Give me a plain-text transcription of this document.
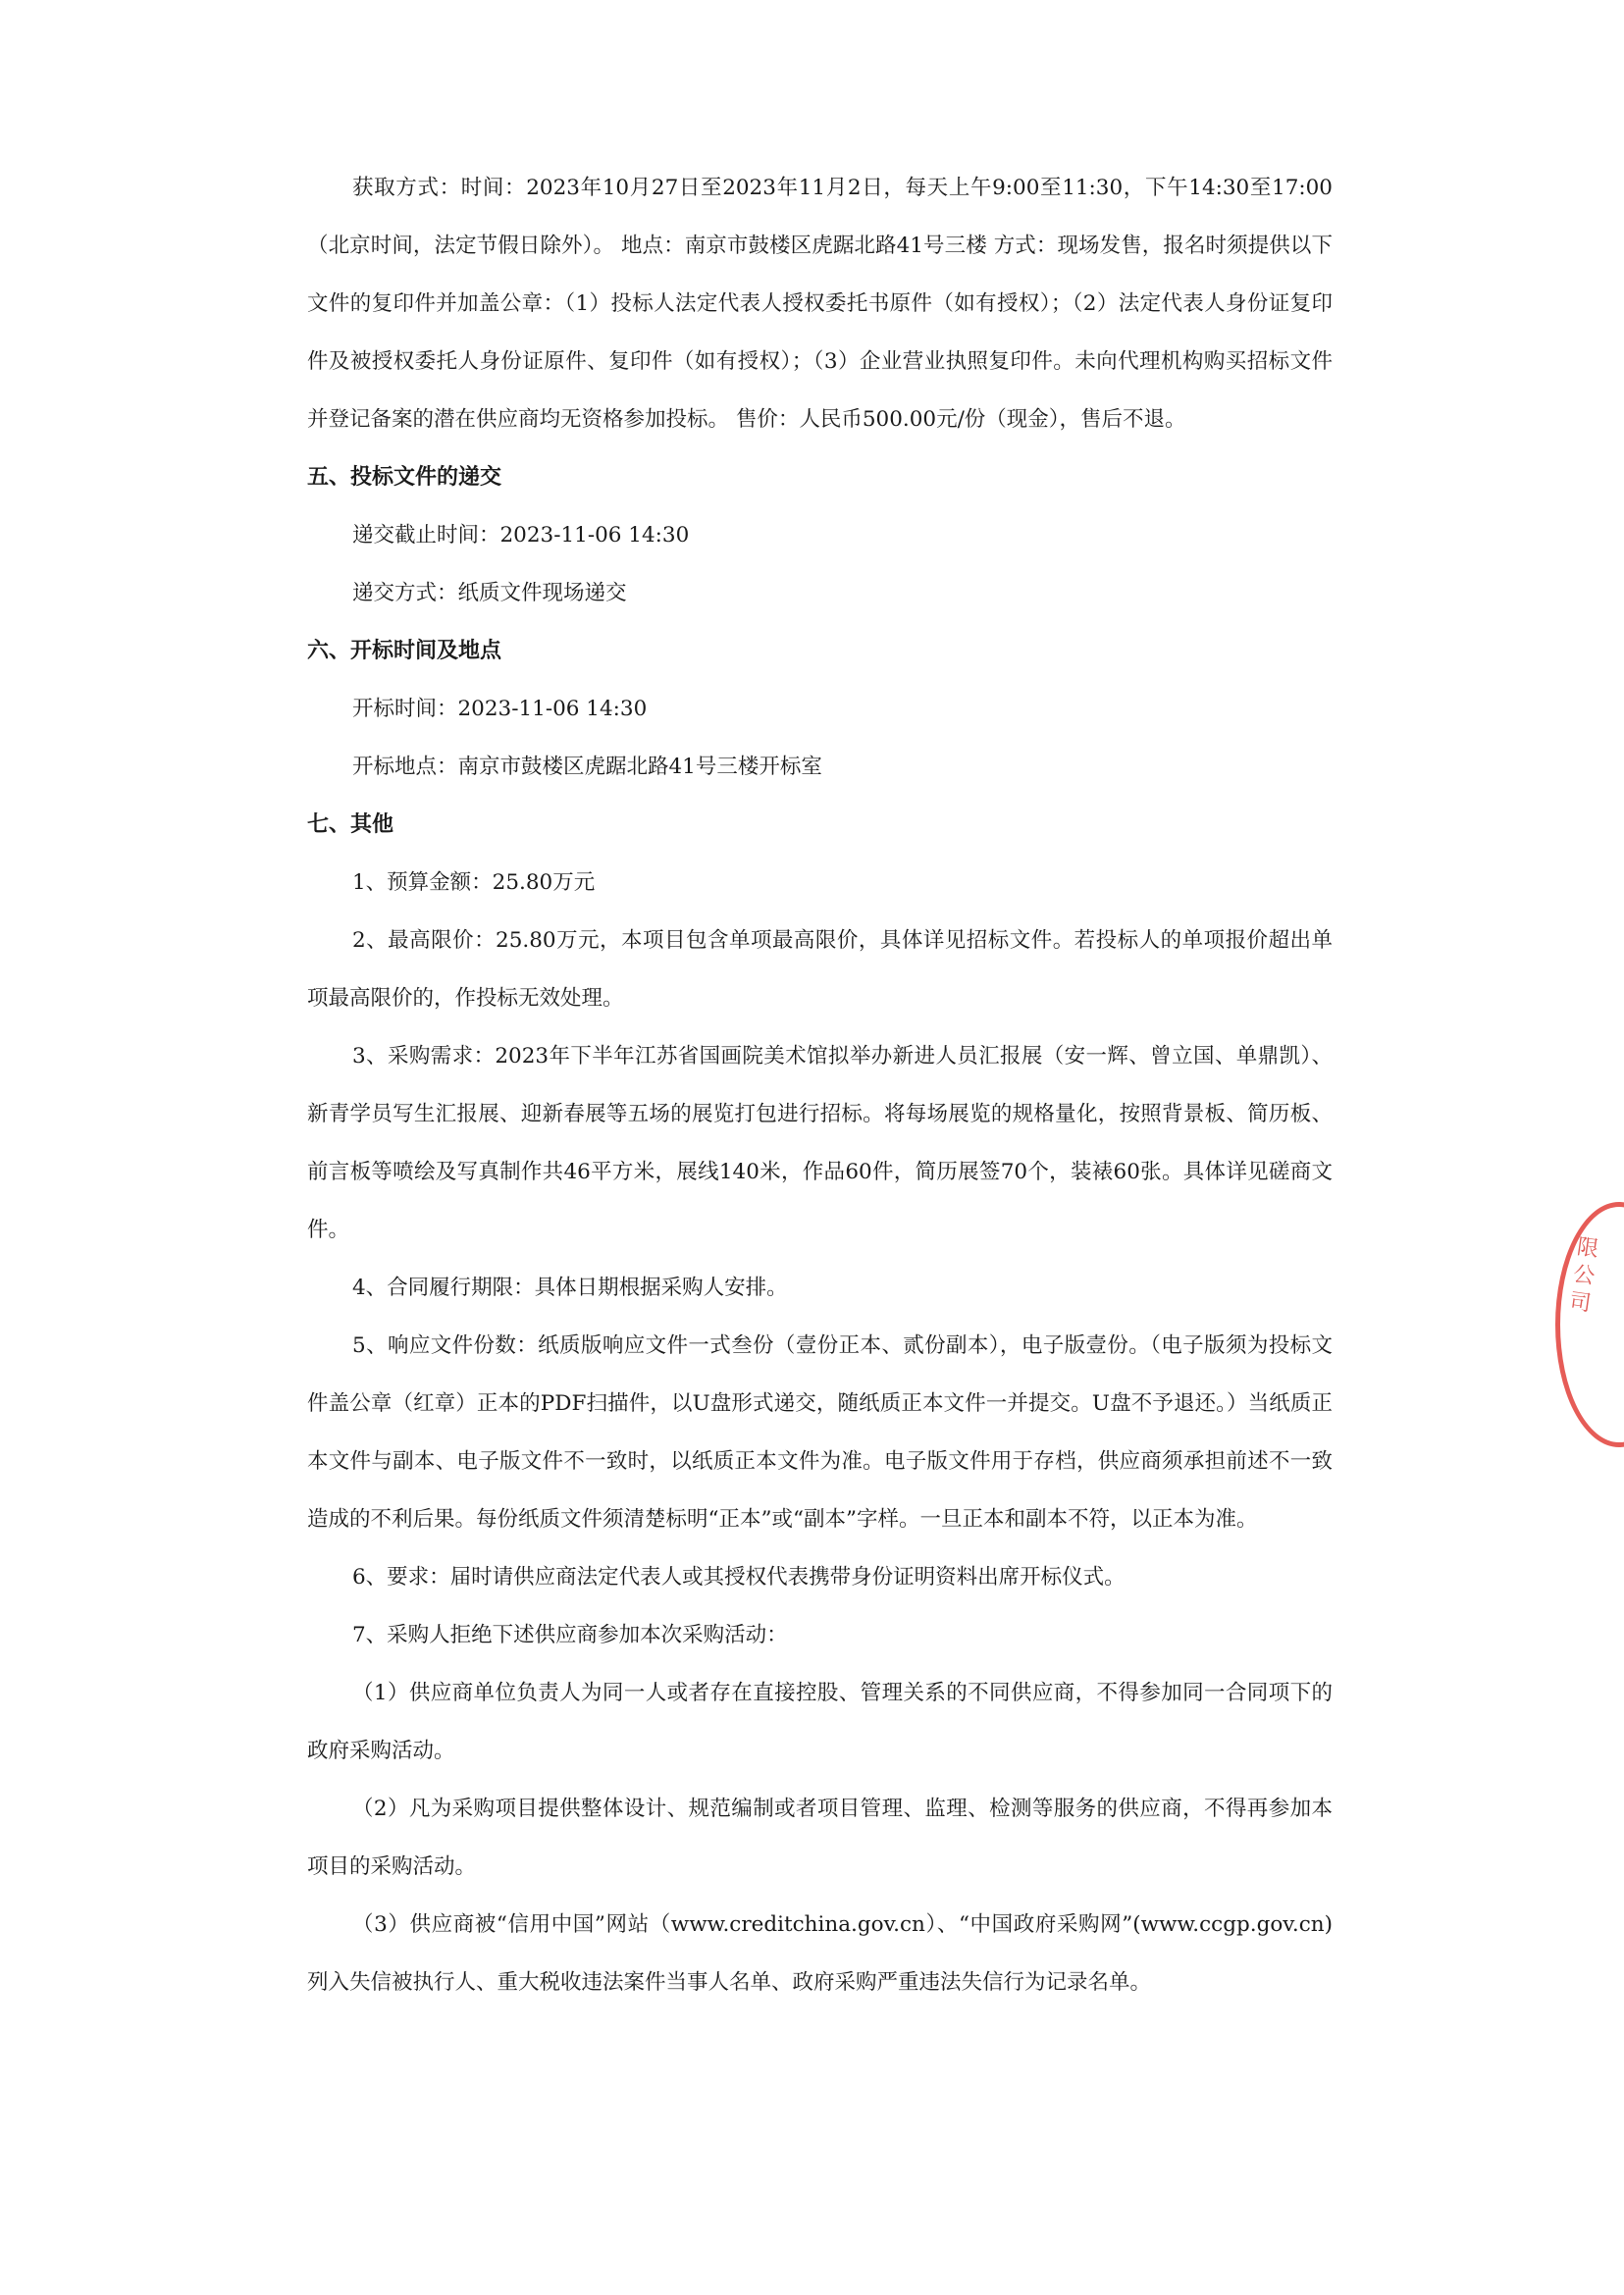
获取方式：时间：2023年10月27日至2023年11月2日，每天上午9:00至11:30，下午14:30至17:00（北京时间，法定节假日除外）。 地点：南京市鼓楼区虎踞北路41号三楼 方式：现场发售，报名时须提供以下文件的复印件并加盖公章：（1）投标人法定代表人授权委托书原件（如有授权）；（2）法定代表人身份证复印件及被授权委托人身份证原件、复印件（如有授权）；（3）企业营业执照复印件。未向代理机构购买招标文件并登记备案的潜在供应商均无资格参加投标。 售价：人民币500.00元/份（现金），售后不退。

五、投标文件的递交

递交截止时间：2023-11-06 14:30

递交方式：纸质文件现场递交

六、开标时间及地点

开标时间：2023-11-06 14:30

开标地点：南京市鼓楼区虎踞北路41号三楼开标室

七、其他

1、预算金额：25.80万元

2、最高限价：25.80万元，本项目包含单项最高限价，具体详见招标文件。若投标人的单项报价超出单项最高限价的，作投标无效处理。

3、采购需求：2023年下半年江苏省国画院美术馆拟举办新进人员汇报展（安一辉、曾立国、单鼎凯）、新青学员写生汇报展、迎新春展等五场的展览打包进行招标。将每场展览的规格量化，按照背景板、简历板、前言板等喷绘及写真制作共46平方米，展线140米，作品60件，简历展签70个，装裱60张。具体详见磋商文件。

4、合同履行期限：具体日期根据采购人安排。

5、响应文件份数：纸质版响应文件一式叁份（壹份正本、贰份副本），电子版壹份。（电子版须为投标文件盖公章（红章）正本的PDF扫描件，以U盘形式递交，随纸质正本文件一并提交。U盘不予退还。）当纸质正本文件与副本、电子版文件不一致时，以纸质正本文件为准。电子版文件用于存档，供应商须承担前述不一致造成的不利后果。每份纸质文件须清楚标明“正本”或“副本”字样。一旦正本和副本不符，以正本为准。

6、要求：届时请供应商法定代表人或其授权代表携带身份证明资料出席开标仪式。

7、采购人拒绝下述供应商参加本次采购活动：

（1）供应商单位负责人为同一人或者存在直接控股、管理关系的不同供应商，不得参加同一合同项下的政府采购活动。

（2）凡为采购项目提供整体设计、规范编制或者项目管理、监理、检测等服务的供应商，不得再参加本项目的采购活动。

（3）供应商被“信用中国”网站（www.creditchina.gov.cn）、“中国政府采购网”(www.ccgp.gov.cn)列入失信被执行人、重大税收违法案件当事人名单、政府采购严重违法失信行为记录名单。

限公司
